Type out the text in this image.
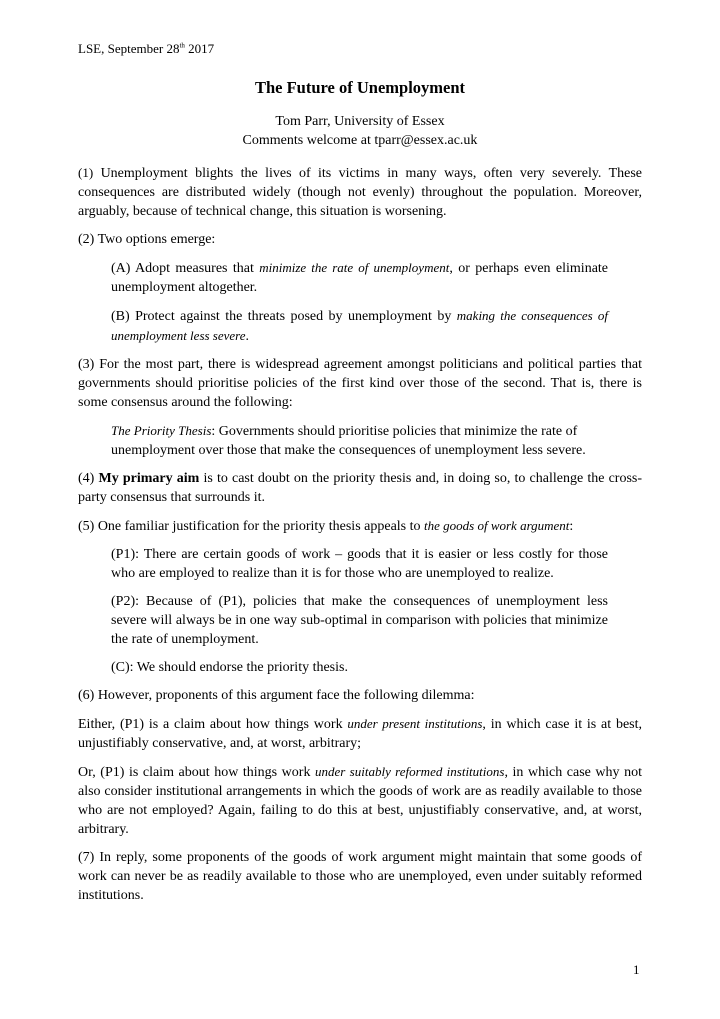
LSE, September 28th 2017
The Future of Unemployment
Tom Parr, University of Essex
Comments welcome at tparr@essex.ac.uk

(1) Unemployment blights the lives of its victims in many ways, often very severely. These consequences are distributed widely (though not evenly) throughout the population. Moreover, arguably, because of technical change, this situation is worsening.

(2) Two options emerge:

(A) Adopt measures that minimize the rate of unemployment, or perhaps even eliminate unemployment altogether.

(B) Protect against the threats posed by unemployment by making the consequences of unemployment less severe.

(3) For the most part, there is widespread agreement amongst politicians and political parties that governments should prioritise policies of the first kind over those of the second. That is, there is some consensus around the following:

The Priority Thesis: Governments should prioritise policies that minimize the rate of unemployment over those that make the consequences of unemployment less severe.

(4) My primary aim is to cast doubt on the priority thesis and, in doing so, to challenge the cross-party consensus that surrounds it.

(5) One familiar justification for the priority thesis appeals to the goods of work argument:

(P1): There are certain goods of work – goods that it is easier or less costly for those who are employed to realize than it is for those who are unemployed to realize.

(P2): Because of (P1), policies that make the consequences of unemployment less severe will always be in one way sub-optimal in comparison with policies that minimize the rate of unemployment.

(C): We should endorse the priority thesis.

(6) However, proponents of this argument face the following dilemma:

Either, (P1) is a claim about how things work under present institutions, in which case it is at best, unjustifiably conservative, and, at worst, arbitrary;

Or, (P1) is claim about how things work under suitably reformed institutions, in which case why not also consider institutional arrangements in which the goods of work are as readily available to those who are not employed? Again, failing to do this at best, unjustifiably conservative, and, at worst, arbitrary.

(7) In reply, some proponents of the goods of work argument might maintain that some goods of work can never be as readily available to those who are unemployed, even under suitably reformed institutions.

1
